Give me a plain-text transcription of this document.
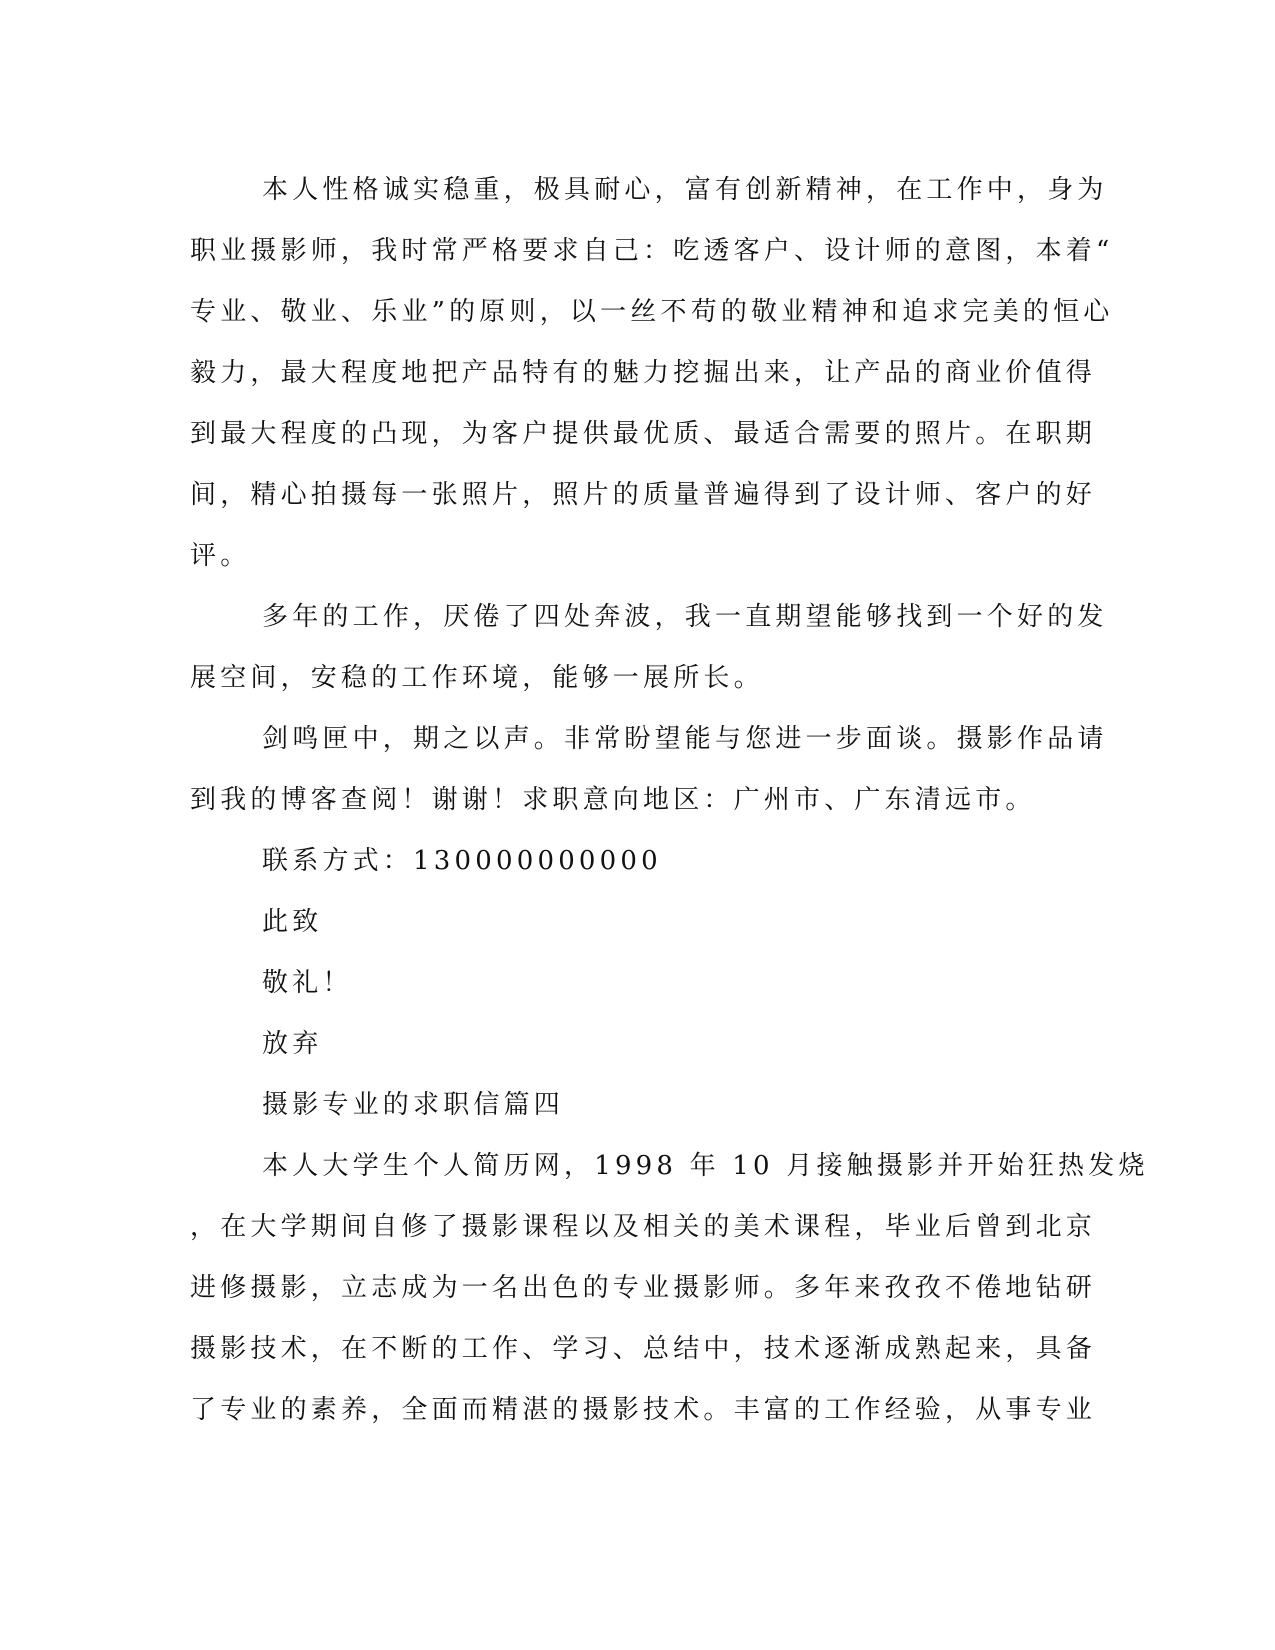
本人性格诚实稳重，极具耐心，富有创新精神，在工作中，身为
职业摄影师，我时常严格要求自己：吃透客户、设计师的意图，本着“
专业、敬业、乐业”的原则，以一丝不苟的敬业精神和追求完美的恒心
毅力，最大程度地把产品特有的魅力挖掘出来，让产品的商业价值得
到最大程度的凸现，为客户提供最优质、最适合需要的照片。在职期
间，精心拍摄每一张照片，照片的质量普遍得到了设计师、客户的好
评。
多年的工作，厌倦了四处奔波，我一直期望能够找到一个好的发
展空间，安稳的工作环境，能够一展所长。
剑鸣匣中，期之以声。非常盼望能与您进一步面谈。摄影作品请
到我的博客查阅！谢谢！求职意向地区：广州市、广东清远市。
联系方式：130000000000
此致
敬礼！
放弃
摄影专业的求职信篇四
本人大学生个人简历网，1998 年 10 月接触摄影并开始狂热发烧
，在大学期间自修了摄影课程以及相关的美术课程，毕业后曾到北京
进修摄影，立志成为一名出色的专业摄影师。多年来孜孜不倦地钻研
摄影技术，在不断的工作、学习、总结中，技术逐渐成熟起来，具备
了专业的素养，全面而精湛的摄影技术。丰富的工作经验，从事专业
